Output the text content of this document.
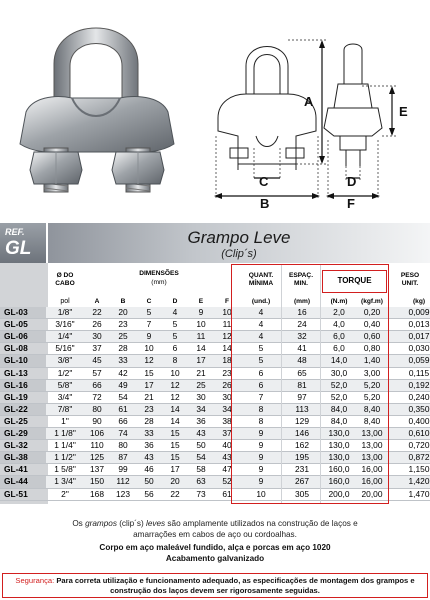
A
E
C
B
D
F
REF.
GL
Grampo Leve
(Clip´s)
Ø DO CABO
DIMENSÕES
(mm)
QUANT. MÍNIMA
ESPAÇ. MIN.	TORQUE
PESO UNIT.
	pol	A	B	C	D	E	F	(und.)	(mm)	(N.m)	(kgf.m)	(kg)
GL-03	1/8"	22	20	5	4	9	10	4	16	2,0	0,20	0,009
GL-05	3/16"	26	23	7	5	10	11	4	24	4,0	0,40	0,013
GL-06	1/4"	30	25	9	5	11	12	4	32	6,0	0,60	0,017
GL-08	5/16"	37	28	10	6	14	14	5	41	6,0	0,80	0,030
GL-10	3/8"	45	33	12	8	17	18	5	48	14,0	1,40	0,059
GL-13	1/2"	57	42	15	10	21	23	6	65	30,0	3,00	0,115
GL-16	5/8"	66	49	17	12	25	26	6	81	52,0	5,20	0,192
GL-19	3/4"	72	54	21	12	30	30	7	97	52,0	5,20	0,240
GL-22	7/8"	80	61	23	14	34	34	8	113	84,0	8,40	0,350
GL-25	1"	90	66	28	14	36	38	8	129	84,0	8,40	0,400
GL-29	1 1/8"	106	74	33	15	43	37	9	146	130,0	13,00	0,610
GL-32	1 1/4"	110	80	36	15	50	40	9	162	130,0	13,00	0,720
GL-38	1 1/2"	125	87	43	15	54	43	9	195	130,0	13,00	0,872
GL-41	1 5/8"	137	99	46	17	58	47	9	231	160,0	16,00	1,150
GL-44	1 3/4"	150	112	50	20	63	52	9	267	160,0	16,00	1,420
GL-51	2"	168	123	56	22	73	61	10	305	200,0	20,00	1,470
Os grampos (clip´s) leves são amplamente utilizados na construção de laços e
amarrações em cabos de aço ou cordoalhas.
Corpo em aço maleável fundido, alça e porcas em aço 1020
Acabamento galvanizado
Segurança: Para correta utilização e funcionamento adequado, as especificações de montagem dos grampos e
construção dos laços devem ser rigorosamente seguidas.
